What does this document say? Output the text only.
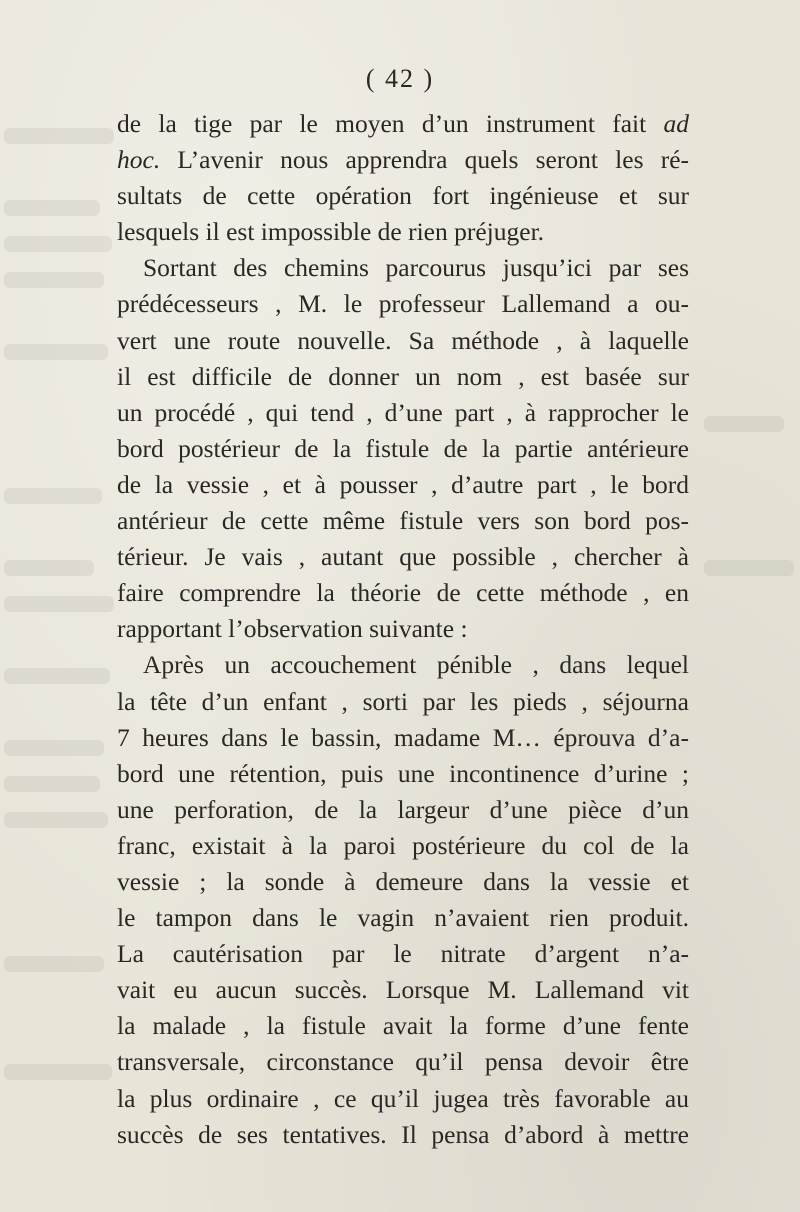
( 42 )
de la tige par le moyen d’un instrument fait ad
hoc. L’avenir nous apprendra quels seront les ré-
sultats de cette opération fort ingénieuse et sur
lesquels il est impossible de rien préjuger.
Sortant des chemins parcourus jusqu’ici par ses
prédécesseurs , M. le professeur Lallemand a ou-
vert une route nouvelle. Sa méthode , à laquelle
il est difficile de donner un nom , est basée sur
un procédé , qui tend , d’une part , à rapprocher le
bord postérieur de la fistule de la partie antérieure
de la vessie , et à pousser , d’autre part , le bord
antérieur de cette même fistule vers son bord pos-
térieur. Je vais , autant que possible , chercher à
faire comprendre la théorie de cette méthode , en
rapportant l’observation suivante :
Après un accouchement pénible , dans lequel
la tête d’un enfant , sorti par les pieds , séjourna
7 heures dans le bassin, madame M… éprouva d’a-
bord une rétention, puis une incontinence d’urine ;
une perforation, de la largeur d’une pièce d’un
franc, existait à la paroi postérieure du col de la
vessie ; la sonde à demeure dans la vessie et
le tampon dans le vagin n’avaient rien produit.
La cautérisation par le nitrate d’argent n’a-
vait eu aucun succès. Lorsque M. Lallemand vit
la malade , la fistule avait la forme d’une fente
transversale, circonstance qu’il pensa devoir être
la plus ordinaire , ce qu’il jugea très favorable au
succès de ses tentatives. Il pensa d’abord à mettre
